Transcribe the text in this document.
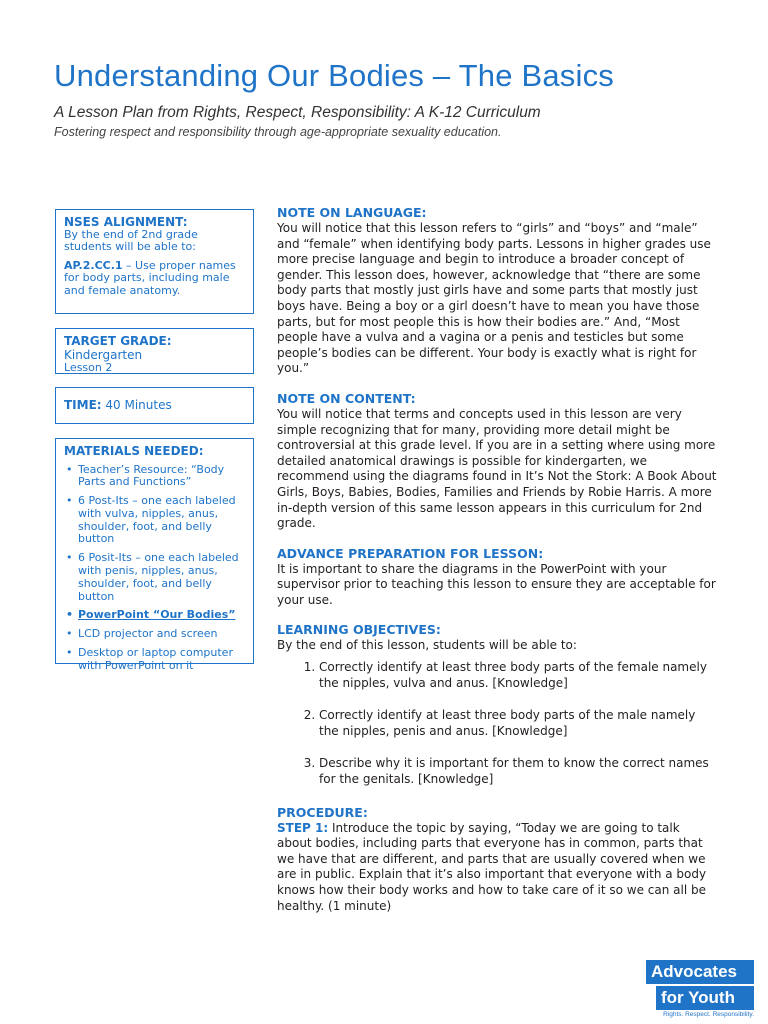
Understanding Our Bodies – The Basics
A Lesson Plan from Rights, Respect, Responsibility: A K-12 Curriculum
Fostering respect and responsibility through age-appropriate sexuality education.
NSES ALIGNMENT:

By the end of 2nd grade students will be able to:

AP.2.CC.1 – Use proper names for body parts, including male and female anatomy.

TARGET GRADE: Kindergarten

Lesson 2

TIME: 40 Minutes

MATERIALS NEEDED:
• Teacher’s Resource: “Body Parts and Functions”
• 6 Post-Its – one each labeled with vulva, nipples, anus, shoulder, foot, and belly button
• 6 Posit-Its – one each labeled with penis, nipples, anus, shoulder, foot, and belly button
• PowerPoint “Our Bodies”
• LCD projector and screen
• Desktop or laptop computer with PowerPoint on it
NOTE ON LANGUAGE:

You will notice that this lesson refers to “girls” and “boys” and “male” and “female” when identifying body parts. Lessons in higher grades use more precise language and begin to introduce a broader concept of gender. This lesson does, however, acknowledge that “there are some body parts that mostly just girls have and some parts that mostly just boys have. Being a boy or a girl doesn’t have to mean you have those parts, but for most people this is how their bodies are.” And, “Most people have a vulva and a vagina or a penis and testicles but some people’s bodies can be different. Your body is exactly what is right for you.”

NOTE ON CONTENT:

You will notice that terms and concepts used in this lesson are very simple recognizing that for many, providing more detail might be controversial at this grade level. If you are in a setting where using more detailed anatomical drawings is possible for kindergarten, we recommend using the diagrams found in It’s Not the Stork: A Book About Girls, Boys, Babies, Bodies, Families and Friends by Robie Harris. A more in-depth version of this same lesson appears in this curriculum for 2nd grade.

ADVANCE PREPARATION FOR LESSON:

It is important to share the diagrams in the PowerPoint with your supervisor prior to teaching this lesson to ensure they are acceptable for your use.

LEARNING OBJECTIVES:

By the end of this lesson, students will be able to:

1. Correctly identify at least three body parts of the female namely the nipples, vulva and anus. [Knowledge]
2. Correctly identify at least three body parts of the male namely the nipples, penis and anus. [Knowledge]
3. Describe why it is important for them to know the correct names for the genitals. [Knowledge]
PROCEDURE:

STEP 1: Introduce the topic by saying, “Today we are going to talk about bodies, including parts that everyone has in common, parts that we have that are different, and parts that are usually covered when we are in public. Explain that it’s also important that everyone with a body knows how their body works and how to take care of it so we can all be healthy. (1 minute)

Advocates
for Youth
Rights. Respect. Responsibility.
